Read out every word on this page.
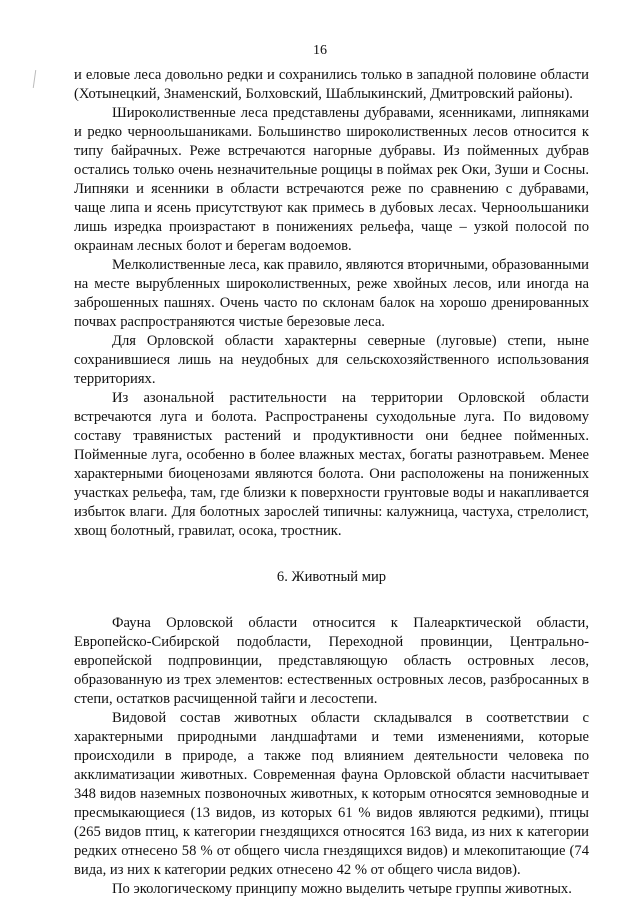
16

и еловые леса довольно редки и сохранились только в западной половине области (Хотынецкий, Знаменский, Болховский, Шаблыкинский, Дмитровский районы).

Широколиственные леса представлены дубравами, ясенниками, липняками и редко черноольшаниками. Большинство широколиственных лесов относится к типу байрачных. Реже встречаются нагорные дубравы. Из пойменных дубрав остались только очень незначительные рощицы в поймах рек Оки, Зуши и Сосны. Липняки и ясенники в области встречаются реже по сравнению с дубравами, чаще липа и ясень присутствуют как примесь в дубовых лесах. Черноольшаники лишь изредка произрастают в понижениях рельефа, чаще – узкой полосой по окраинам лесных болот и берегам водоемов.

Мелколиственные леса, как правило, являются вторичными, образованными на месте вырубленных широколиственных, реже хвойных лесов, или иногда на заброшенных пашнях. Очень часто по склонам балок на хорошо дренированных почвах распространяются чистые березовые леса.

Для Орловской области характерны северные (луговые) степи, ныне сохранившиеся лишь на неудобных для сельскохозяйственного использования территориях.

Из азональной растительности на территории Орловской области встречаются луга и болота. Распространены суходольные луга. По видовому составу травянистых растений и продуктивности они беднее пойменных. Пойменные луга, особенно в более влажных местах, богаты разнотравьем. Менее характерными биоценозами являются болота. Они расположены на пониженных участках рельефа, там, где близки к поверхности грунтовые воды и накапливается избыток влаги. Для болотных зарослей типичны: калужница, частуха, стрелолист, хвощ болотный, гравилат, осока, тростник.

6. Животный мир

Фауна Орловской области относится к Палеарктической области, Европейско-Сибирской подобласти, Переходной провинции, Центрально-европейской подпровинции, представляющую область островных лесов, образованную из трех элементов: естественных островных лесов, разбросанных в степи, остатков расчищенной тайги и лесостепи.

Видовой состав животных области складывался в соответствии с характерными природными ландшафтами и теми изменениями, которые происходили в природе, а также под влиянием деятельности человека по акклиматизации животных. Современная фауна Орловской области насчитывает 348 видов наземных позвоночных животных, к которым относятся земноводные и пресмыкающиеся (13 видов, из которых 61 % видов являются редкими), птицы (265 видов птиц, к категории гнездящихся относятся 163 вида, из них к категории редких отнесено 58 % от общего числа гнездящихся видов) и млекопитающие (74 вида, из них к категории редких отнесено 42 % от общего числа видов).

По экологическому принципу можно выделить четыре группы животных.
